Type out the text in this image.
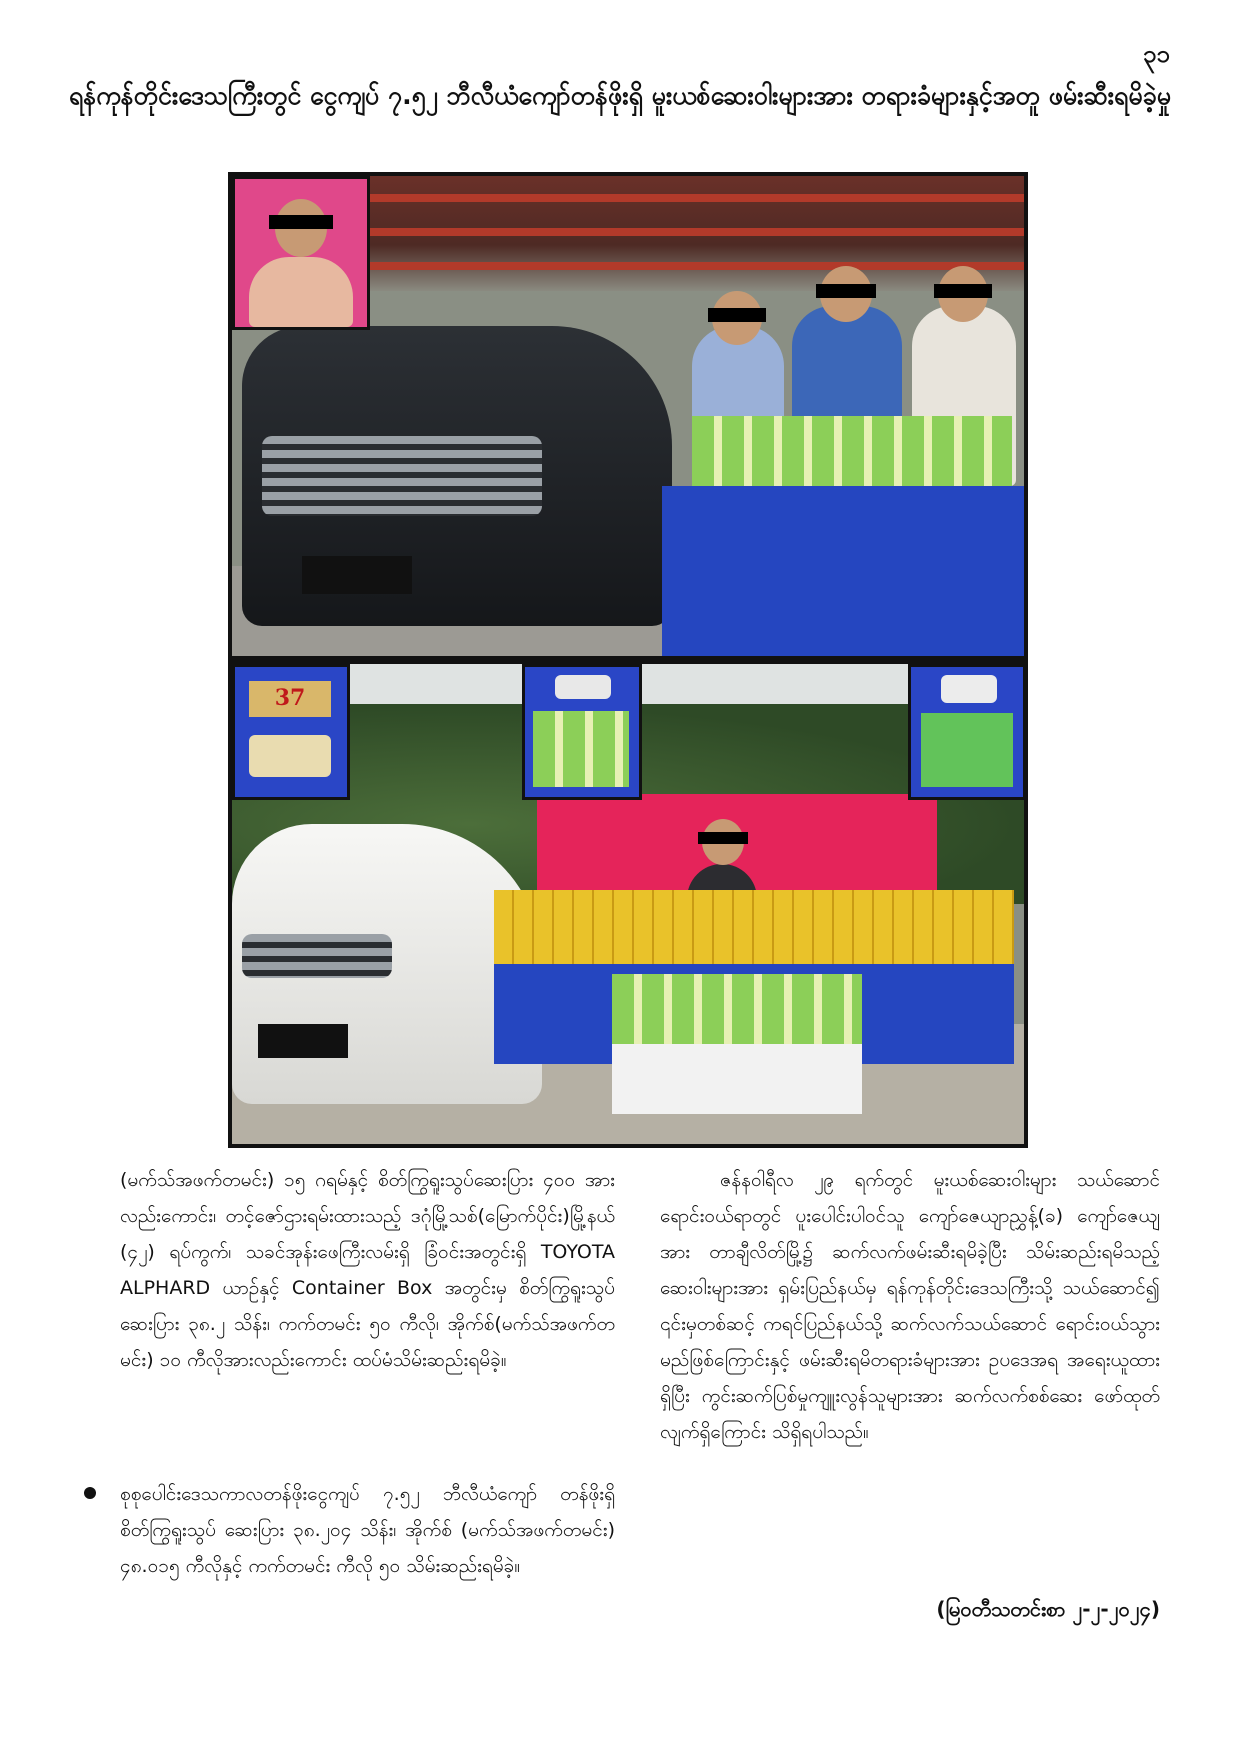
၃၁
ရန်ကုန်တိုင်းဒေသကြီးတွင် ငွေကျပ် ၇.၅၂ ဘီလီယံကျော်တန်ဖိုးရှိ မူးယစ်ဆေးဝါးများအား တရားခံများနှင့်အတူ ဖမ်းဆီးရမိခဲ့မှု
37
(မက်သ်အဖက်တမင်း) ၁၅ ဂရမ်နှင့် စိတ်ကြွရူးသွပ်ဆေးပြား ၄၀၀ အား လည်းကောင်း၊ တင့်ဇော်ဌားရမ်းထားသည့် ဒဂုံမြို့သစ်(မြောက်ပိုင်း)မြို့နယ် (၄၂) ရပ်ကွက်၊ သခင်အုန်းဖေကြီးလမ်းရှိ ခြံဝင်းအတွင်းရှိ TOYOTA ALPHARD ယာဉ်နှင့် Container Box အတွင်းမှ စိတ်ကြွရူးသွပ်ဆေးပြား ၃၈.၂ သိန်း၊ ကက်တမင်း ၅၀ ကီလို၊ အိုက်စ်(မက်သ်အဖက်တမင်း) ၁၀ ကီလိုအားလည်းကောင်း ထပ်မံသိမ်းဆည်းရမိခဲ့။
စုစုပေါင်းဒေသကာလတန်ဖိုးငွေကျပ် ၇.၅၂ ဘီလီယံကျော် တန်ဖိုးရှိ စိတ်ကြွရူးသွပ် ဆေးပြား ၃၈.၂၀၄ သိန်း၊ အိုက်စ် (မက်သ်အဖက်တမင်း) ၄၈.၀၁၅ ကီလိုနှင့် ကက်တမင်း ကီလို ၅၀ သိမ်းဆည်းရမိခဲ့။
ဇန်နဝါရီလ ၂၉ ရက်တွင် မူးယစ်ဆေးဝါးများ သယ်ဆောင်ရောင်းဝယ်ရာတွင် ပူးပေါင်းပါဝင်သူ ကျော်ဇေယျာညွှန့်(ခ) ကျော်ဇေယျအား တာချီလိတ်မြို့၌ ဆက်လက်ဖမ်းဆီးရမိခဲ့ပြီး သိမ်းဆည်းရမိသည့် ဆေးဝါးများအား ရှမ်းပြည်နယ်မှ ရန်ကုန်တိုင်းဒေသကြီးသို့ သယ်ဆောင်၍ ၎င်းမှတစ်ဆင့် ကရင်ပြည်နယ်သို့ ဆက်လက်သယ်ဆောင် ရောင်းဝယ်သွားမည်ဖြစ်ကြောင်းနှင့် ဖမ်းဆီးရမိတရားခံများအား ဥပဒေအရ အရေးယူထားရှိပြီး ကွင်းဆက်ပြစ်မှုကျူးလွန်သူများအား ဆက်လက်စစ်ဆေး ဖော်ထုတ်လျက်ရှိကြောင်း သိရှိရပါသည်။
(မြဝတီသတင်းစာ ၂-၂-၂၀၂၄)
